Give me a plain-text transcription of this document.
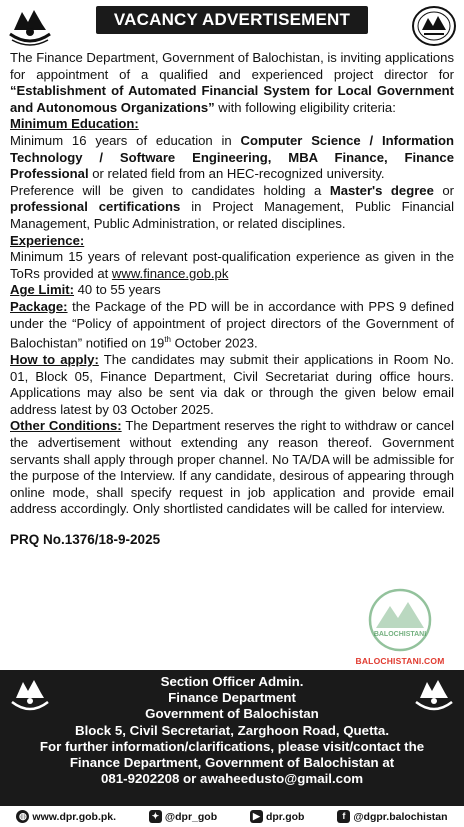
VACANCY ADVERTISEMENT

The Finance Department, Government of Balochistan, is inviting applications for appointment of a qualified and experienced project director for “Establishment of Automated Financial System for Local Government and Autonomous Organizations” with following eligibility criteria:

Minimum Education:

Minimum 16 years of education in Computer Science / Information Technology / Software Engineering, MBA Finance, Finance Professional or related field from an HEC-recognized university.

Preference will be given to candidates holding a Master's degree or professional certifications in Project Management, Public Financial Management, Public Administration, or related disciplines.

Experience:

Minimum 15 years of relevant post-qualification experience as given in the ToRs provided at www.finance.gob.pk

Age Limit: 40 to 55 years

Package: the Package of the PD will be in accordance with PPS 9 defined under the “Policy of appointment of project directors of the Government of Balochistan” notified on 19th October 2023.

How to apply: The candidates may submit their applications in Room No. 01, Block 05, Finance Department, Civil Secretariat during office hours. Applications may also be sent via dak or through the given below email address latest by 03 October 2025.

Other Conditions: The Department reserves the right to withdraw or cancel the advertisement without extending any reason thereof. Government servants shall apply through proper channel. No TA/DA will be admissible for the purpose of the Interview. If any candidate, desirous of appearing through online mode, shall specify request in job application and provide email address accordingly. Only shortlisted candidates will be called for interview.

PRQ No.1376/18-9-2025

BALOCHISTANI
BALOCHISTANI.COM

Section Officer Admin.

Finance Department

Government of Balochistan

Block 5, Civil Secretariat, Zarghoon Road, Quetta.

For further information/clarifications, please visit/contact the

Finance Department, Government of Balochistan at

081-9202208 or awaheedusto@gmail.com

◍ www.dpr.gob.pk.	✦ @dpr_gob	▶ dpr.gob	f @dgpr.balochistan
